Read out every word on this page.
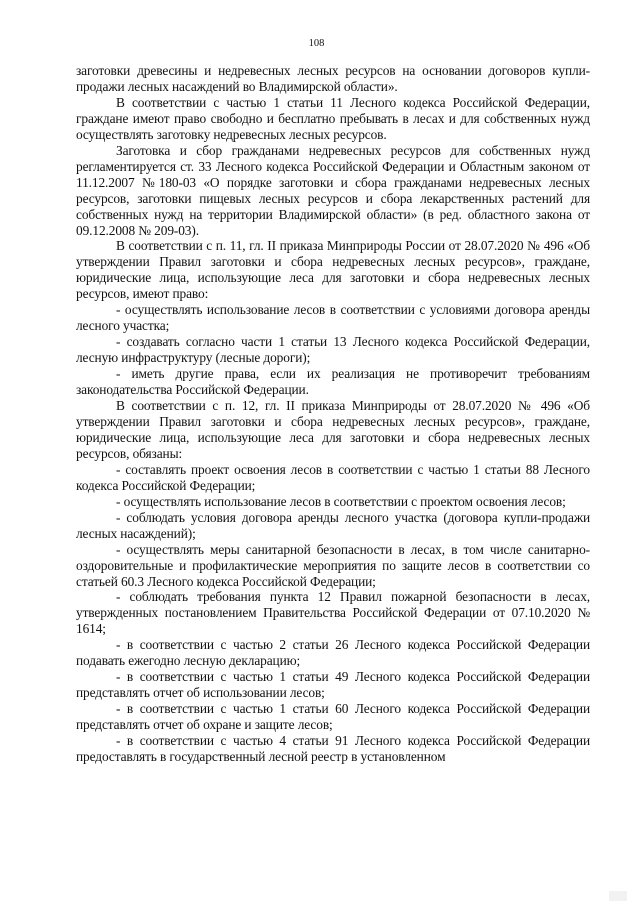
108

заготовки древесины и недревесных лесных ресурсов на основании договоров купли-продажи лесных насаждений во Владимирской области».

В соответствии с частью 1 статьи 11 Лесного кодекса Российской Федерации, граждане имеют право свободно и бесплатно пребывать в лесах и для собственных нужд осуществлять заготовку недревесных лесных ресурсов.

Заготовка и сбор гражданами недревесных ресурсов для собственных нужд регламентируется ст. 33 Лесного кодекса Российской Федерации и Областным законом от 11.12.2007 №180-03 «О порядке заготовки и сбора гражданами недревесных лесных ресурсов, заготовки пищевых лесных ресурсов и сбора лекарственных растений для собственных нужд на территории Владимирской области» (в ред. областного закона от 09.12.2008 № 209-03).

В соответствии с п. 11, гл. II приказа Минприроды России от 28.07.2020 № 496 «Об утверждении Правил заготовки и сбора недревесных лесных ресурсов», граждане, юридические лица, использующие леса для заготовки и сбора недревесных лесных ресурсов, имеют право:

- осуществлять использование лесов в соответствии с условиями договора аренды лесного участка;

- создавать согласно части 1 статьи 13 Лесного кодекса Российской Федерации, лесную инфраструктуру (лесные дороги);

- иметь другие права, если их реализация не противоречит требованиям законодательства Российской Федерации.

В соответствии с п. 12, гл. II приказа Минприроды от 28.07.2020 № 496 «Об утверждении Правил заготовки и сбора недревесных лесных ресурсов», граждане, юридические лица, использующие леса для заготовки и сбора недревесных лесных ресурсов, обязаны:

- составлять проект освоения лесов в соответствии с частью 1 статьи 88 Лесного кодекса Российской Федерации;

- осуществлять использование лесов в соответствии с проектом освоения лесов;

- соблюдать условия договора аренды лесного участка (договора купли-продажи лесных насаждений);

- осуществлять меры санитарной безопасности в лесах, в том числе санитарно-оздоровительные и профилактические мероприятия по защите лесов в соответствии со статьей 60.3 Лесного кодекса Российской Федерации;

- соблюдать требования пункта 12 Правил пожарной безопасности в лесах, утвержденных постановлением Правительства Российской Федерации от 07.10.2020 № 1614;

- в соответствии с частью 2 статьи 26 Лесного кодекса Российской Федерации подавать ежегодно лесную декларацию;

- в соответствии с частью 1 статьи 49 Лесного кодекса Российской Федерации представлять отчет об использовании лесов;

- в соответствии с частью 1 статьи 60 Лесного кодекса Российской Федерации представлять отчет об охране и защите лесов;

- в соответствии с частью 4 статьи 91 Лесного кодекса Российской Федерации предоставлять в государственный лесной реестр в установленном
